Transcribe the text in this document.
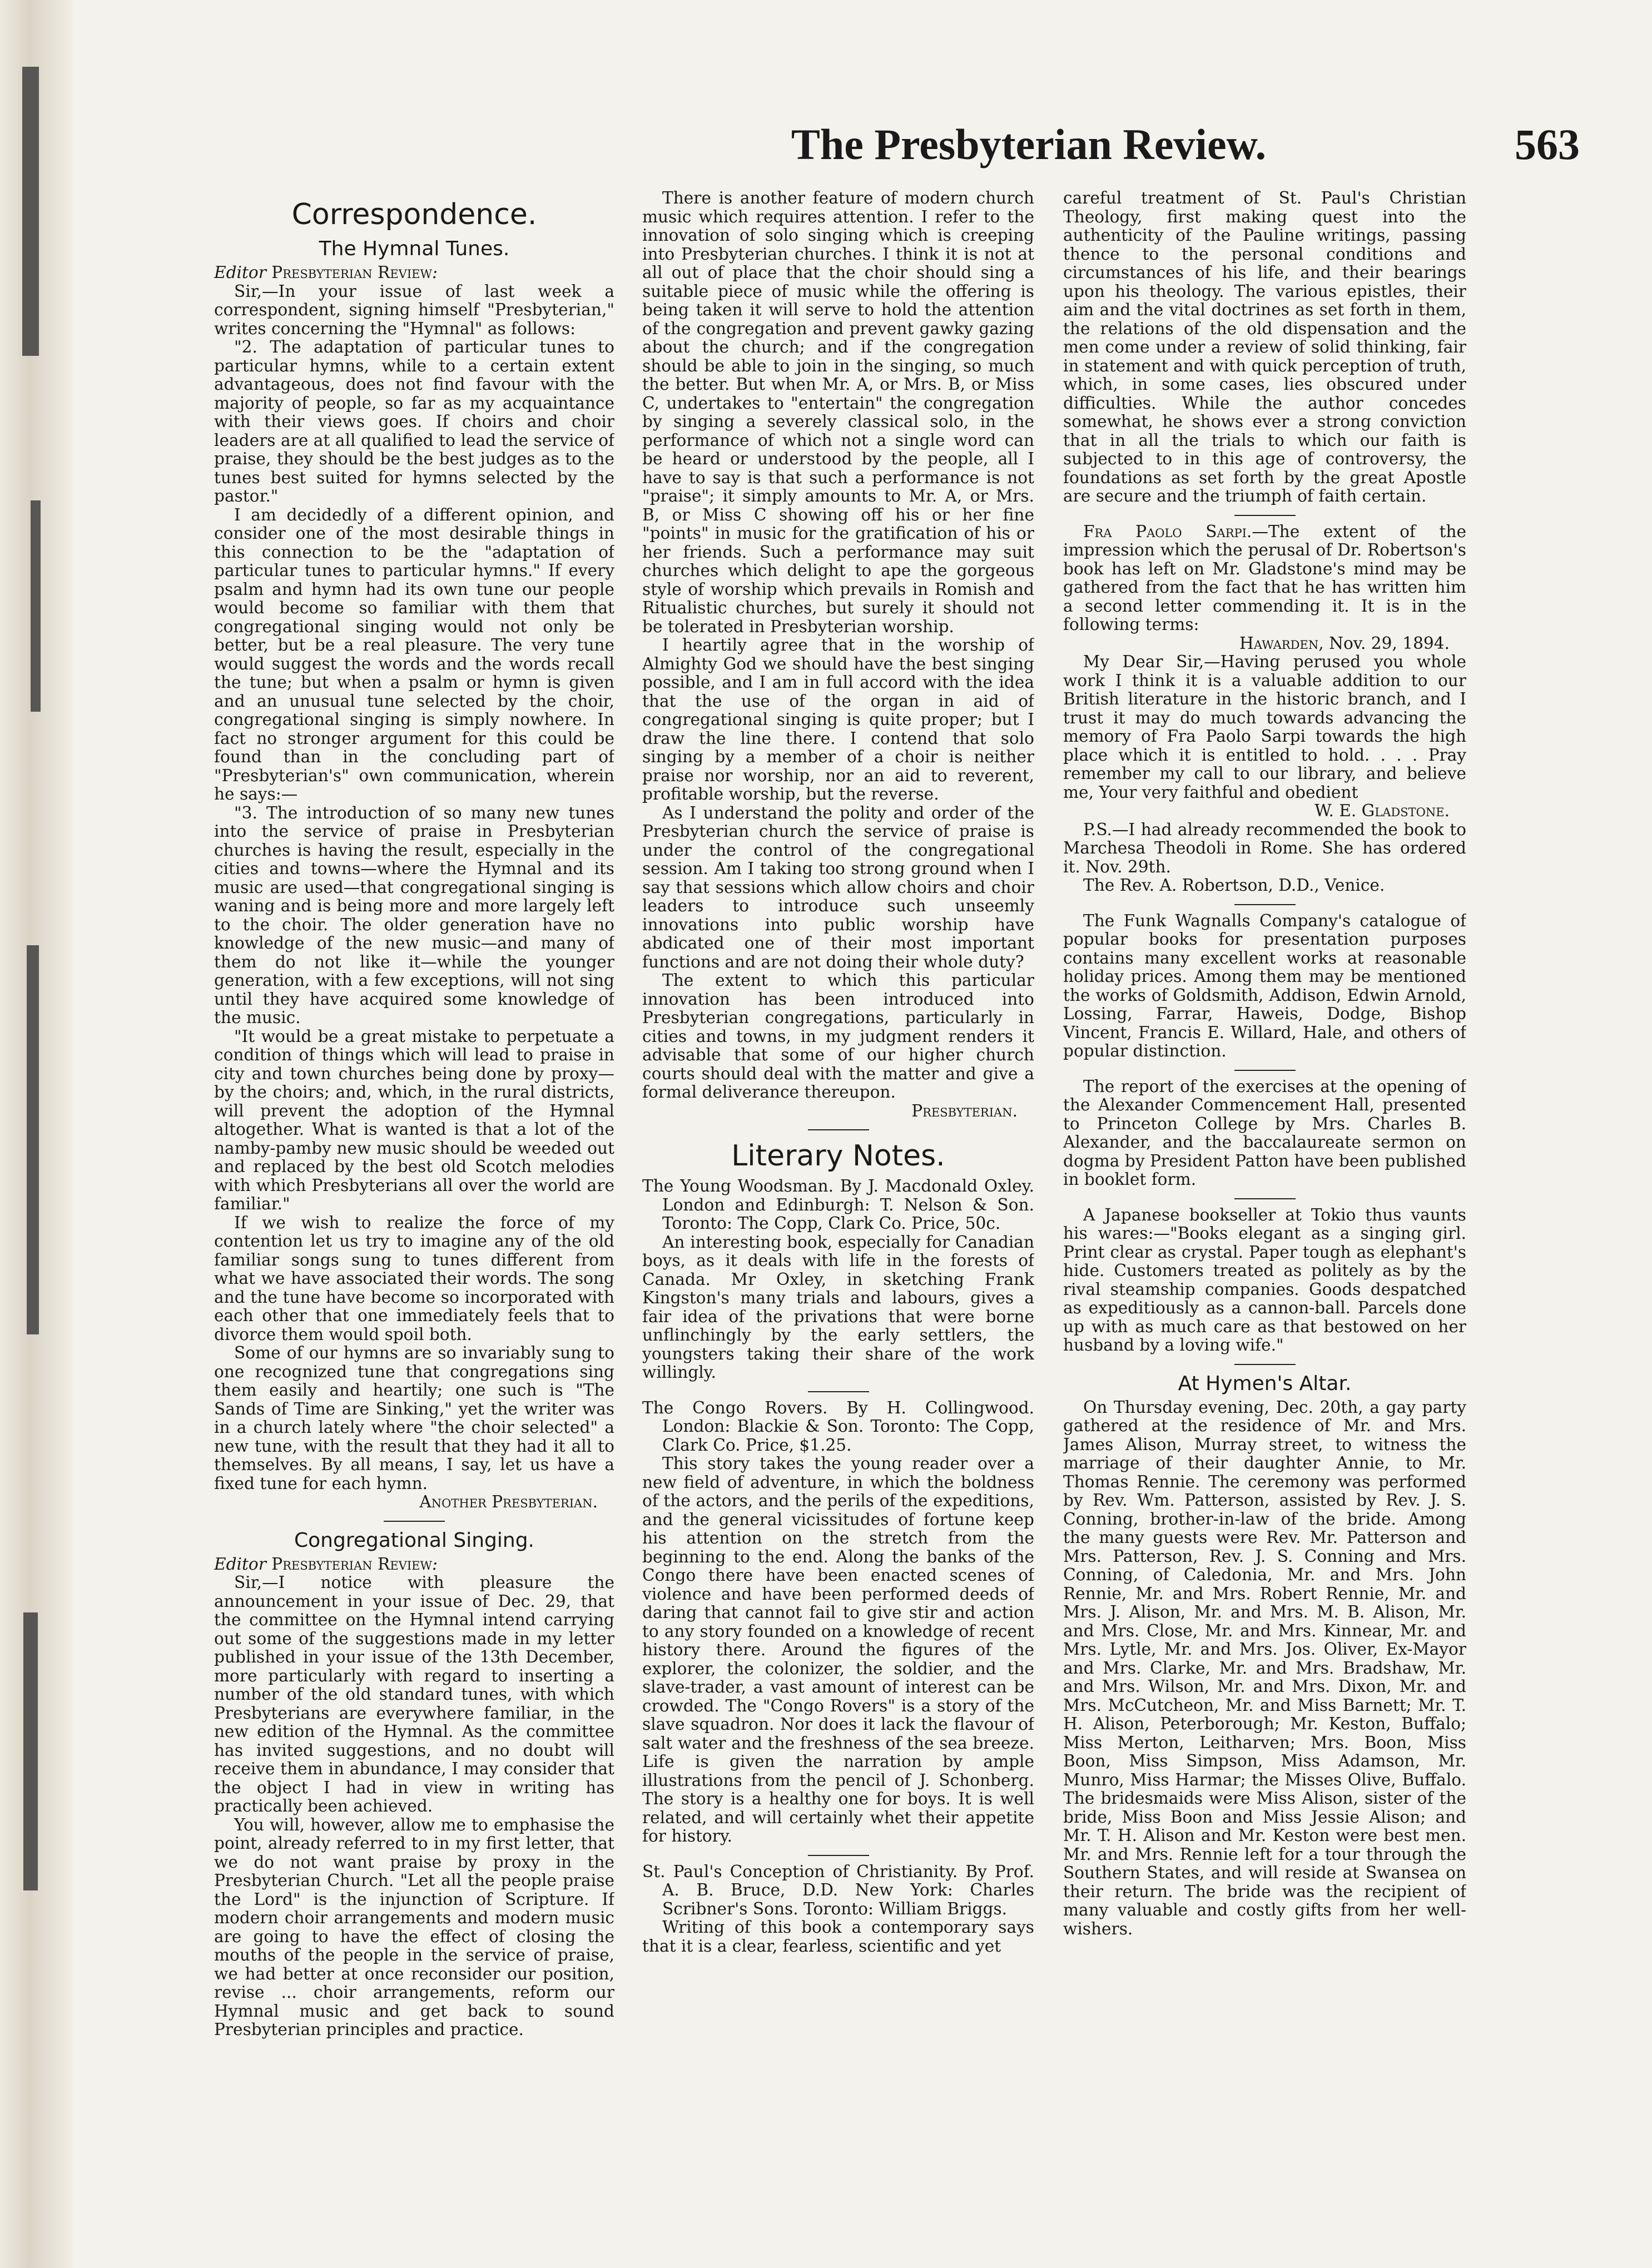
The Presbyterian Review.	563
Correspondence.
The Hymnal Tunes.

Editor Presbyterian Review:

Sir,—In your issue of last week a correspondent, signing himself "Presbyterian," writes concerning the "Hymnal" as follows:

"2. The adaptation of particular tunes to particular hymns, while to a certain extent advantageous, does not find favour with the majority of people, so far as my acquaintance with their views goes. If choirs and choir leaders are at all qualified to lead the service of praise, they should be the best judges as to the tunes best suited for hymns selected by the pastor."

I am decidedly of a different opinion, and consider one of the most desirable things in this connection to be the "adaptation of particular tunes to particular hymns." If every psalm and hymn had its own tune our people would become so familiar with them that congregational singing would not only be better, but be a real pleasure. The very tune would suggest the words and the words recall the tune; but when a psalm or hymn is given and an unusual tune selected by the choir, congregational singing is simply nowhere. In fact no stronger argument for this could be found than in the concluding part of "Presbyterian's" own communication, wherein he says:—

"3. The introduction of so many new tunes into the service of praise in Presbyterian churches is having the result, especially in the cities and towns—where the Hymnal and its music are used—that congregational singing is waning and is being more and more largely left to the choir. The older generation have no knowledge of the new music—and many of them do not like it—while the younger generation, with a few exceptions, will not sing until they have acquired some knowledge of the music.

"It would be a great mistake to perpetuate a condition of things which will lead to praise in city and town churches being done by proxy—by the choirs; and, which, in the rural districts, will prevent the adoption of the Hymnal altogether. What is wanted is that a lot of the namby-pamby new music should be weeded out and replaced by the best old Scotch melodies with which Presbyterians all over the world are familiar."

If we wish to realize the force of my contention let us try to imagine any of the old familiar songs sung to tunes different from what we have associated their words. The song and the tune have become so incorporated with each other that one immediately feels that to divorce them would spoil both.

Some of our hymns are so invariably sung to one recognized tune that congregations sing them easily and heartily; one such is "The Sands of Time are Sinking," yet the writer was in a church lately where "the choir selected" a new tune, with the result that they had it all to themselves. By all means, I say, let us have a fixed tune for each hymn.

Another Presbyterian.

Congregational Singing.

Editor Presbyterian Review:

Sir,—I notice with pleasure the announcement in your issue of Dec. 29, that the committee on the Hymnal intend carrying out some of the suggestions made in my letter published in your issue of the 13th December, more particularly with regard to inserting a number of the old standard tunes, with which Presbyterians are everywhere familiar, in the new edition of the Hymnal. As the committee has invited suggestions, and no doubt will receive them in abundance, I may consider that the object I had in view in writing has practically been achieved.

You will, however, allow me to emphasise the point, already referred to in my first letter, that we do not want praise by proxy in the Presbyterian Church. "Let all the people praise the Lord" is the injunction of Scripture. If modern choir arrangements and modern music are going to have the effect of closing the mouths of the people in the service of praise, we had better at once reconsider our position, revise ... choir arrangements, reform our Hymnal music and get back to sound Presbyterian principles and practice.

There is another feature of modern church music which requires attention. I refer to the innovation of solo singing which is creeping into Presbyterian churches. I think it is not at all out of place that the choir should sing a suitable piece of music while the offering is being taken it will serve to hold the attention of the congregation and prevent gawky gazing about the church; and if the congregation should be able to join in the singing, so much the better. But when Mr. A, or Mrs. B, or Miss C, undertakes to "entertain" the congregation by singing a severely classical solo, in the performance of which not a single word can be heard or understood by the people, all I have to say is that such a performance is not "praise"; it simply amounts to Mr. A, or Mrs. B, or Miss C showing off his or her fine "points" in music for the gratification of his or her friends. Such a performance may suit churches which delight to ape the gorgeous style of worship which prevails in Romish and Ritualistic churches, but surely it should not be tolerated in Presbyterian worship.

I heartily agree that in the worship of Almighty God we should have the best singing possible, and I am in full accord with the idea that the use of the organ in aid of congregational singing is quite proper; but I draw the line there. I contend that solo singing by a member of a choir is neither praise nor worship, nor an aid to reverent, profitable worship, but the reverse.

As I understand the polity and order of the Presbyterian church the service of praise is under the control of the congregational session. Am I taking too strong ground when I say that sessions which allow choirs and choir leaders to introduce such unseemly innovations into public worship have abdicated one of their most important functions and are not doing their whole duty?

The extent to which this particular innovation has been introduced into Presbyterian congregations, particularly in cities and towns, in my judgment renders it advisable that some of our higher church courts should deal with the matter and give a formal deliverance thereupon.

Presbyterian.

Literary Notes.

The Young Woodsman. By J. Macdonald Oxley. London and Edinburgh: T. Nelson & Son. Toronto: The Copp, Clark Co. Price, 50c.

An interesting book, especially for Canadian boys, as it deals with life in the forests of Canada. Mr Oxley, in sketching Frank Kingston's many trials and labours, gives a fair idea of the privations that were borne unflinchingly by the early settlers, the youngsters taking their share of the work willingly.

The Congo Rovers. By H. Collingwood. London: Blackie & Son. Toronto: The Copp, Clark Co. Price, $1.25.

This story takes the young reader over a new field of adventure, in which the boldness of the actors, and the perils of the expeditions, and the general vicissitudes of fortune keep his attention on the stretch from the beginning to the end. Along the banks of the Congo there have been enacted scenes of violence and have been performed deeds of daring that cannot fail to give stir and action to any story founded on a knowledge of recent history there. Around the figures of the explorer, the colonizer, the soldier, and the slave-trader, a vast amount of interest can be crowded. The "Congo Rovers" is a story of the slave squadron. Nor does it lack the flavour of salt water and the freshness of the sea breeze. Life is given the narration by ample illustrations from the pencil of J. Schonberg. The story is a healthy one for boys. It is well related, and will certainly whet their appetite for history.

St. Paul's Conception of Christianity. By Prof. A. B. Bruce, D.D. New York: Charles Scribner's Sons. Toronto: William Briggs.

Writing of this book a contemporary says that it is a clear, fearless, scientific and yet

careful treatment of St. Paul's Christian Theology, first making quest into the authenticity of the Pauline writings, passing thence to the personal conditions and circumstances of his life, and their bearings upon his theology. The various epistles, their aim and the vital doctrines as set forth in them, the relations of the old dispensation and the men come under a review of solid thinking, fair in statement and with quick perception of truth, which, in some cases, lies obscured under difficulties. While the author concedes somewhat, he shows ever a strong conviction that in all the trials to which our faith is subjected to in this age of controversy, the foundations as set forth by the great Apostle are secure and the triumph of faith certain.

Fra Paolo Sarpi.—The extent of the impression which the perusal of Dr. Robertson's book has left on Mr. Gladstone's mind may be gathered from the fact that he has written him a second letter commending it. It is in the following terms:

Hawarden, Nov. 29, 1894.

My Dear Sir,—Having perused you whole work I think it is a valuable addition to our British literature in the historic branch, and I trust it may do much towards advancing the memory of Fra Paolo Sarpi towards the high place which it is entitled to hold. . . . Pray remember my call to our library, and believe me, Your very faithful and obedient

W. E. Gladstone.

P.S.—I had already recommended the book to Marchesa Theodoli in Rome. She has ordered it. Nov. 29th.

The Rev. A. Robertson, D.D., Venice.

The Funk Wagnalls Company's catalogue of popular books for presentation purposes contains many excellent works at reasonable holiday prices. Among them may be mentioned the works of Goldsmith, Addison, Edwin Arnold, Lossing, Farrar, Haweis, Dodge, Bishop Vincent, Francis E. Willard, Hale, and others of popular distinction.

The report of the exercises at the opening of the Alexander Commencement Hall, presented to Princeton College by Mrs. Charles B. Alexander, and the baccalaureate sermon on dogma by President Patton have been published in booklet form.

A Japanese bookseller at Tokio thus vaunts his wares:—"Books elegant as a singing girl. Print clear as crystal. Paper tough as elephant's hide. Customers treated as politely as by the rival steamship companies. Goods despatched as expeditiously as a cannon-ball. Parcels done up with as much care as that bestowed on her husband by a loving wife."

At Hymen's Altar.

On Thursday evening, Dec. 20th, a gay party gathered at the residence of Mr. and Mrs. James Alison, Murray street, to witness the marriage of their daughter Annie, to Mr. Thomas Rennie. The ceremony was performed by Rev. Wm. Patterson, assisted by Rev. J. S. Conning, brother-in-law of the bride. Among the many guests were Rev. Mr. Patterson and Mrs. Patterson, Rev. J. S. Conning and Mrs. Conning, of Caledonia, Mr. and Mrs. John Rennie, Mr. and Mrs. Robert Rennie, Mr. and Mrs. J. Alison, Mr. and Mrs. M. B. Alison, Mr. and Mrs. Close, Mr. and Mrs. Kinnear, Mr. and Mrs. Lytle, Mr. and Mrs. Jos. Oliver, Ex-Mayor and Mrs. Clarke, Mr. and Mrs. Bradshaw, Mr. and Mrs. Wilson, Mr. and Mrs. Dixon, Mr. and Mrs. McCutcheon, Mr. and Miss Barnett; Mr. T. H. Alison, Peterborough; Mr. Keston, Buffalo; Miss Merton, Leitharven; Mrs. Boon, Miss Boon, Miss Simpson, Miss Adamson, Mr. Munro, Miss Harmar; the Misses Olive, Buffalo. The bridesmaids were Miss Alison, sister of the bride, Miss Boon and Miss Jessie Alison; and Mr. T. H. Alison and Mr. Keston were best men. Mr. and Mrs. Rennie left for a tour through the Southern States, and will reside at Swansea on their return. The bride was the recipient of many valuable and costly gifts from her well-wishers.
